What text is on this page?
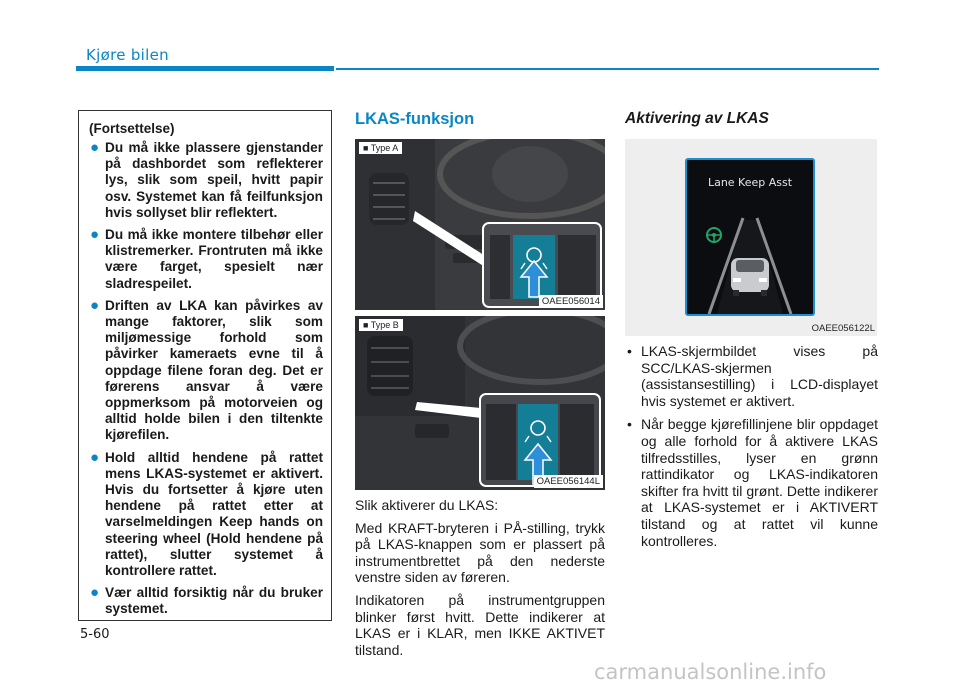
Kjøre bilen
(Fortsettelse)
● Du må ikke plassere gjenstander på dashbordet som reflekterer lys, slik som speil, hvitt papir osv. Systemet kan få feilfunksjon hvis sollyset blir reflektert.
● Du må ikke montere tilbehør eller klistremerker. Frontruten må ikke være farget, spesielt nær sladrespeilet.
● Driften av LKA kan påvirkes av mange faktorer, slik som miljømessige forhold som påvirker kameraets evne til å oppdage filene foran deg. Det er førerens ansvar å være oppmerksom på motorveien og alltid holde bilen i den tiltenkte kjørefilen.
● Hold alltid hendene på rattet mens LKAS-systemet er aktivert. Hvis du fortsetter å kjøre uten hendene på rattet etter at varselmeldingen Keep hands on steering wheel (Hold hendene på rattet), slutter systemet å kontrollere rattet.
● Vær alltid forsiktig når du bruker systemet.
LKAS-funksjon
■ Type A
OAEE056014
■ Type B
OAEE056144L

Slik aktiverer du LKAS:

Med KRAFT-bryteren i PÅ-stilling, trykk på LKAS-knappen som er plassert på instrumentbrettet på den nederste venstre siden av føreren.

Indikatoren på instrumentgruppen blinker først hvitt. Dette indikerer at LKAS er i KLAR, men IKKE AKTIVET tilstand.

Aktivering av LKAS
Lane Keep Asst
OAEE056122L
• LKAS-skjermbildet vises på SCC/LKAS-skjermen (assistansestilling) i LCD-displayet hvis systemet er aktivert.
• Når begge kjørefillinjene blir oppdaget og alle forhold for å aktivere LKAS tilfredsstilles, lyser en grønn rattindikator og LKAS-indikatoren skifter fra hvitt til grønt. Dette indikerer at LKAS-systemet er i AKTIVERT tilstand og at rattet vil kunne kontrolleres.
5-60
carmanualsonline.info
